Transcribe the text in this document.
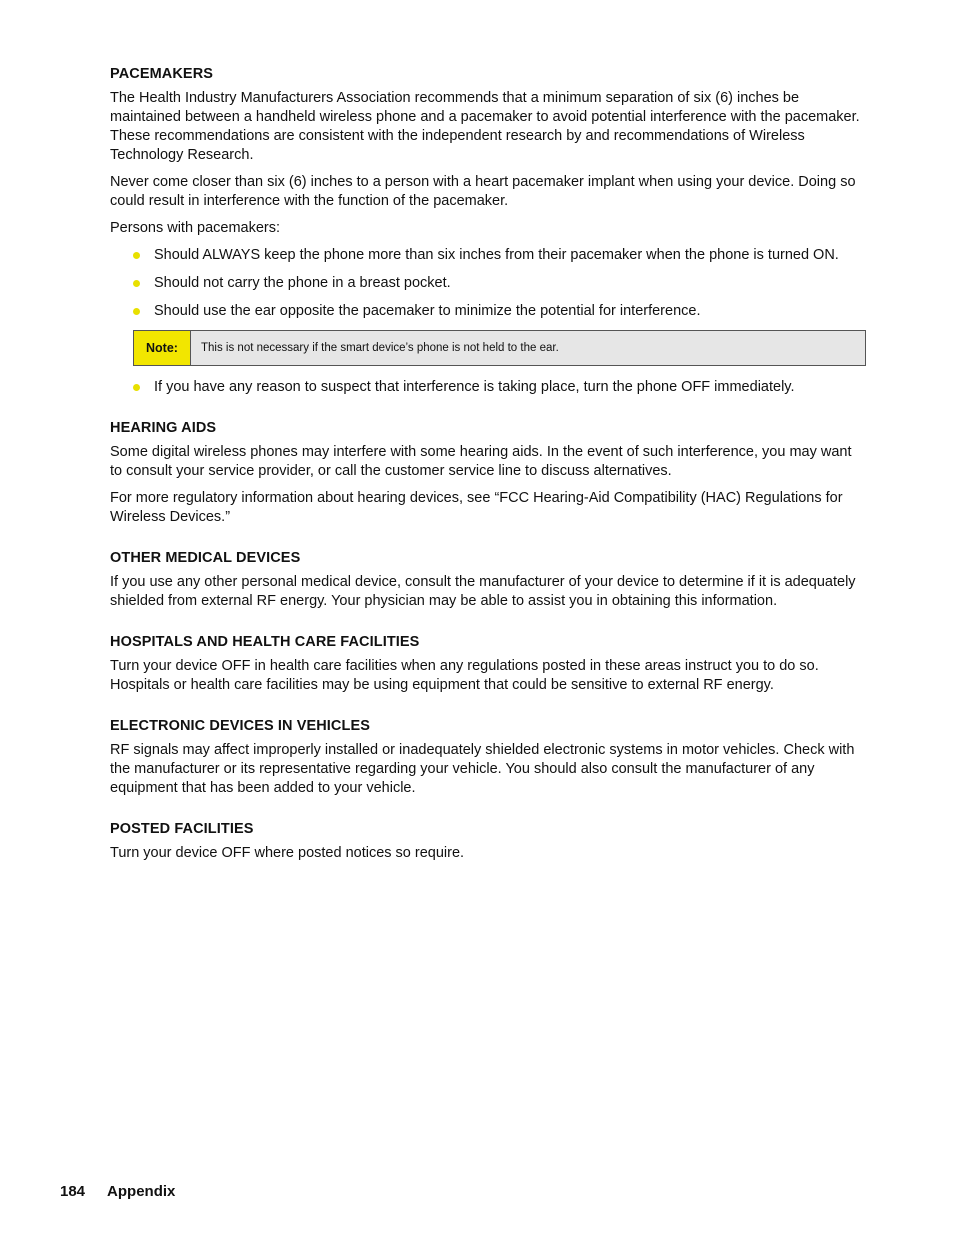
PACEMAKERS

The Health Industry Manufacturers Association recommends that a minimum separation of six (6) inches be maintained between a handheld wireless phone and a pacemaker to avoid potential interference with the pacemaker. These recommendations are consistent with the independent research by and recommendations of Wireless Technology Research.

Never come closer than six (6) inches to a person with a heart pacemaker implant when using your device. Doing so could result in interference with the function of the pacemaker.

Persons with pacemakers:

Should ALWAYS keep the phone more than six inches from their pacemaker when the phone is turned ON.
Should not carry the phone in a breast pocket.
Should use the ear opposite the pacemaker to minimize the potential for interference.
Note:	This is not necessary if the smart device’s phone is not held to the ear.
If you have any reason to suspect that interference is taking place, turn the phone OFF immediately.
HEARING AIDS

Some digital wireless phones may interfere with some hearing aids. In the event of such interference, you may want to consult your service provider, or call the customer service line to discuss alternatives.

For more regulatory information about hearing devices, see “FCC Hearing-Aid Compatibility (HAC) Regulations for Wireless Devices.”

OTHER MEDICAL DEVICES

If you use any other personal medical device, consult the manufacturer of your device to determine if it is adequately shielded from external RF energy. Your physician may be able to assist you in obtaining this information.

HOSPITALS AND HEALTH CARE FACILITIES

Turn your device OFF in health care facilities when any regulations posted in these areas instruct you to do so. Hospitals or health care facilities may be using equipment that could be sensitive to external RF energy.

ELECTRONIC DEVICES IN VEHICLES

RF signals may affect improperly installed or inadequately shielded electronic systems in motor vehicles. Check with the manufacturer or its representative regarding your vehicle. You should also consult the manufacturer of any equipment that has been added to your vehicle.

POSTED FACILITIES

Turn your device OFF where posted notices so require.

184 Appendix
